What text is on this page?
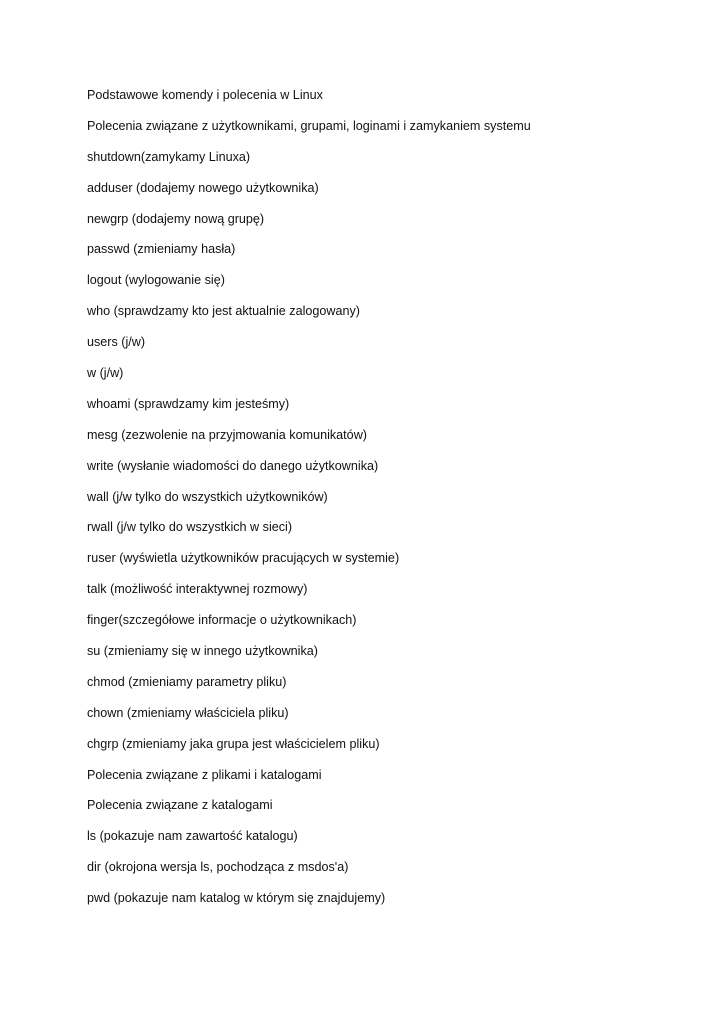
Podstawowe komendy i polecenia w Linux
Polecenia związane z użytkownikami, grupami, loginami i zamykaniem systemu
shutdown(zamykamy Linuxa)
adduser (dodajemy nowego użytkownika)
newgrp (dodajemy nową grupę)
passwd (zmieniamy hasła)
logout (wylogowanie się)
who (sprawdzamy kto jest aktualnie zalogowany)
users (j/w)
w (j/w)
whoami (sprawdzamy kim jesteśmy)
mesg (zezwolenie na przyjmowania komunikatów)
write (wysłanie wiadomości do danego użytkownika)
wall (j/w tylko do wszystkich użytkowników)
rwall (j/w tylko do wszystkich w sieci)
ruser (wyświetla użytkowników pracujących w systemie)
talk (możliwość interaktywnej rozmowy)
finger(szczegółowe informacje o użytkownikach)
su (zmieniamy się w innego użytkownika)
chmod (zmieniamy parametry pliku)
chown (zmieniamy właściciela pliku)
chgrp (zmieniamy jaka grupa jest właścicielem pliku)
Polecenia związane z plikami i katalogami
Polecenia związane z katalogami
ls (pokazuje nam zawartość katalogu)
dir (okrojona wersja ls, pochodząca z msdos'a)
pwd (pokazuje nam katalog w którym się znajdujemy)
